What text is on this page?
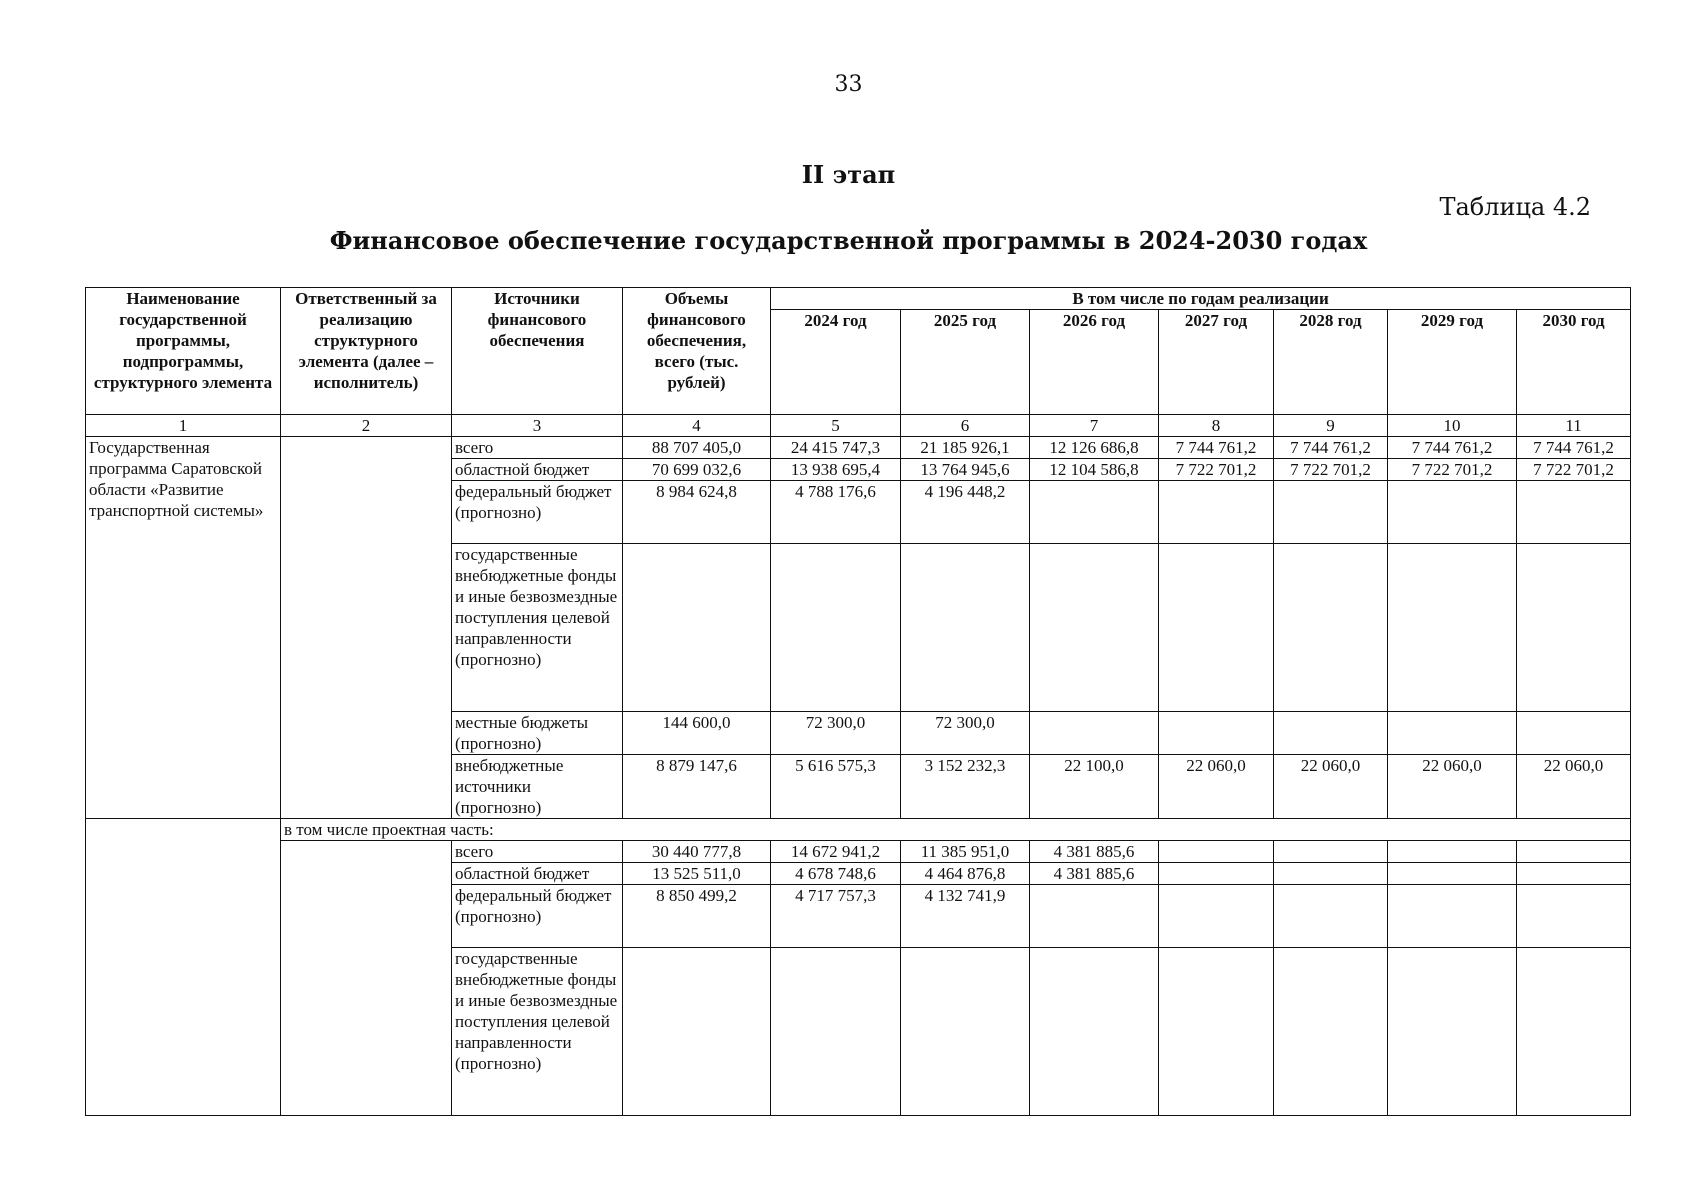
33
II этап
Таблица 4.2
Финансовое обеспечение государственной программы в 2024-2030 годах
Наименование государственной программы, подпрограммы, структурного элемента	Ответственный за реализацию структурного элемента (далее – исполнитель)	Источники финансового обеспечения	Объемы финансового обеспечения, всего (тыс. рублей)	В том числе по годам реализации						
				2024 год	2025 год	2026 год	2027 год	2028 год	2029 год	2030 год
1	2	3	4	5	6	7	8	9	10	11
Государственная программа Саратовской области «Развитие транспортной системы»		всего	88 707 405,0	24 415 747,3	21 185 926,1	12 126 686,8	7 744 761,2	7 744 761,2	7 744 761,2	7 744 761,2
		областной бюджет	70 699 032,6	13 938 695,4	13 764 945,6	12 104 586,8	7 722 701,2	7 722 701,2	7 722 701,2	7 722 701,2
		федеральный бюджет (прогнозно)	8 984 624,8	4 788 176,6	4 196 448,2					
		государственные внебюджетные фонды и иные безвозмездные поступления целевой направленности (прогнозно)								
		местные бюджеты (прогнозно)	144 600,0	72 300,0	72 300,0					
		внебюджетные источники (прогнозно)	8 879 147,6	5 616 575,3	3 152 232,3	22 100,0	22 060,0	22 060,0	22 060,0	22 060,0
	в том числе проектная часть:									
		всего	30 440 777,8	14 672 941,2	11 385 951,0	4 381 885,6				
		областной бюджет	13 525 511,0	4 678 748,6	4 464 876,8	4 381 885,6				
		федеральный бюджет (прогнозно)	8 850 499,2	4 717 757,3	4 132 741,9					
		государственные внебюджетные фонды и иные безвозмездные поступления целевой направленности (прогнозно)								
